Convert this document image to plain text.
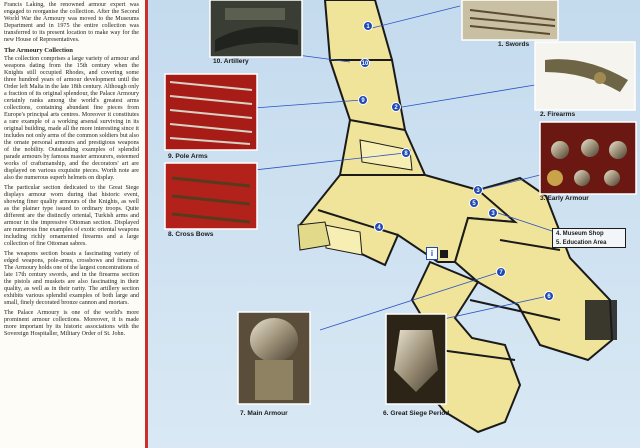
Francis Laking, the renowned armour expert was engaged to reorganise the collection. After the Second World War the Armoury was moved to the Museums Department and in 1975 the entire collection was transferred to its present location to make way for the new House of Representatives.

The Armoury Collection

The collection comprises a large variety of armour and weapons dating from the 15th century when the Knights still occupied Rhodes, and covering some three hundred years of armour development until the Order left Malta in the late 18th century. Although only a fraction of its original splendour, the Palace Armoury certainly ranks among the world's greatest arms collections, containing abundant fine pieces from Europe's principal arts centres. Moreover it constitutes a rare example of a working arsenal surviving in its original building, made all the more interesting since it includes not only arms of the common soldiers but also the ornate personal armours and prestigious weapons of the nobility. Outstanding examples of splendid parade armours by famous master armourers, esteemed works of craftsmanship, and the decorators' art are displayed on various exquisite pieces. Worth note are also the numerous superb helmets on display.

The particular section dedicated to the Great Siege displays armour worn during that historic event, showing finer quality armours of the Knights, as well as the plainer type issued to ordinary troops. Quite different are the distinctly oriental, Turkish arms and armour in the impressive Ottoman section. Displayed are numerous fine examples of exotic oriental weapons including richly ornamented firearms and a large collection of fine Ottoman sabres.

The weapons section boasts a fascinating variety of edged weapons, pole-arms, crossbows and firearms. The Armoury holds one of the largest concentrations of late 17th century swords, and in the firearms section the pistols and muskets are also fascinating in their quality, as well as in their rarity. The artillery section exhibits various splendid examples of both large and small, finely decorated bronze cannon and mortars.

The Palace Armoury is one of the world's more prominent armour collections. Moreover, it is made more important by its historic associations with the Sovereign Hospitaller, Military Order of St. John.

i
1
2
3
3
4
5
6
7
8
9
10
10. Artillery
1. Swords
2. Firearms
3. Early Armour
9. Pole Arms
8. Cross Bows
7. Main Armour	6. Great Siege Period
4. Museum Shop
5. Education Area
